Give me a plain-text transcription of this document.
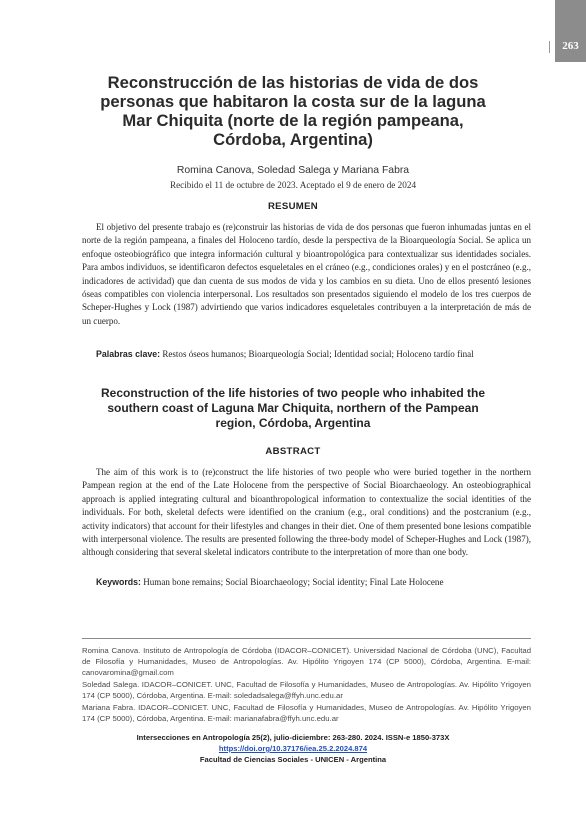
263
Reconstrucción de las historias de vida de dos personas que habitaron la costa sur de la laguna Mar Chiquita (norte de la región pampeana, Córdoba, Argentina)
Romina Canova, Soledad Salega y Mariana Fabra
Recibido el 11 de octubre de 2023. Aceptado el 9 de enero de 2024
RESUMEN

El objetivo del presente trabajo es (re)construir las historias de vida de dos personas que fueron inhumadas juntas en el norte de la región pampeana, a finales del Holoceno tardío, desde la perspectiva de la Bioarqueología Social. Se aplica un enfoque osteobiográfico que integra información cultural y bioantropológica para contextualizar sus identidades sociales. Para ambos individuos, se identificaron defectos esqueletales en el cráneo (e.g., condiciones orales) y en el postcráneo (e.g., indicadores de actividad) que dan cuenta de sus modos de vida y los cambios en su dieta. Uno de ellos presentó lesiones óseas compatibles con violencia interpersonal. Los resultados son presentados siguiendo el modelo de los tres cuerpos de Scheper-Hughes y Lock (1987) advirtiendo que varios indicadores esqueletales contribuyen a la interpretación de más de un cuerpo.

Palabras clave: Restos óseos humanos; Bioarqueología Social; Identidad social; Holoceno tardío final
Reconstruction of the life histories of two people who inhabited the southern coast of Laguna Mar Chiquita, northern of the Pampean region, Córdoba, Argentina
ABSTRACT

The aim of this work is to (re)construct the life histories of two people who were buried together in the northern Pampean region at the end of the Late Holocene from the perspective of Social Bioarchaeology. An osteobiographical approach is applied integrating cultural and bioanthropological information to contextualize the social identities of the individuals. For both, skeletal defects were identified on the cranium (e.g., oral conditions) and the postcranium (e.g., activity indicators) that account for their lifestyles and changes in their diet. One of them presented bone lesions compatible with interpersonal violence. The results are presented following the three-body model of Scheper-Hughes and Lock (1987), although considering that several skeletal indicators contribute to the interpretation of more than one body.

Keywords: Human bone remains; Social Bioarchaeology; Social identity; Final Late Holocene

Romina Canova. Instituto de Antropología de Córdoba (IDACOR–CONICET). Universidad Nacional de Córdoba (UNC), Facultad de Filosofía y Humanidades, Museo de Antropologías. Av. Hipólito Yrigoyen 174 (CP 5000), Córdoba, Argentina. E-mail: canovaromina@gmail.com

Soledad Salega. IDACOR–CONICET. UNC, Facultad de Filosofía y Humanidades, Museo de Antropologías. Av. Hipólito Yrigoyen 174 (CP 5000), Córdoba, Argentina. E-mail: soledadsalega@ffyh.unc.edu.ar

Mariana Fabra. IDACOR–CONICET. UNC, Facultad de Filosofía y Humanidades, Museo de Antropologías. Av. Hipólito Yrigoyen 174 (CP 5000), Córdoba, Argentina. E-mail: marianafabra@ffyh.unc.edu.ar

Intersecciones en Antropología 25(2), julio-diciembre: 263-280. 2024. ISSN-e 1850-373X
https://doi.org/10.37176/iea.25.2.2024.874
Facultad de Ciencias Sociales - UNICEN - Argentina
